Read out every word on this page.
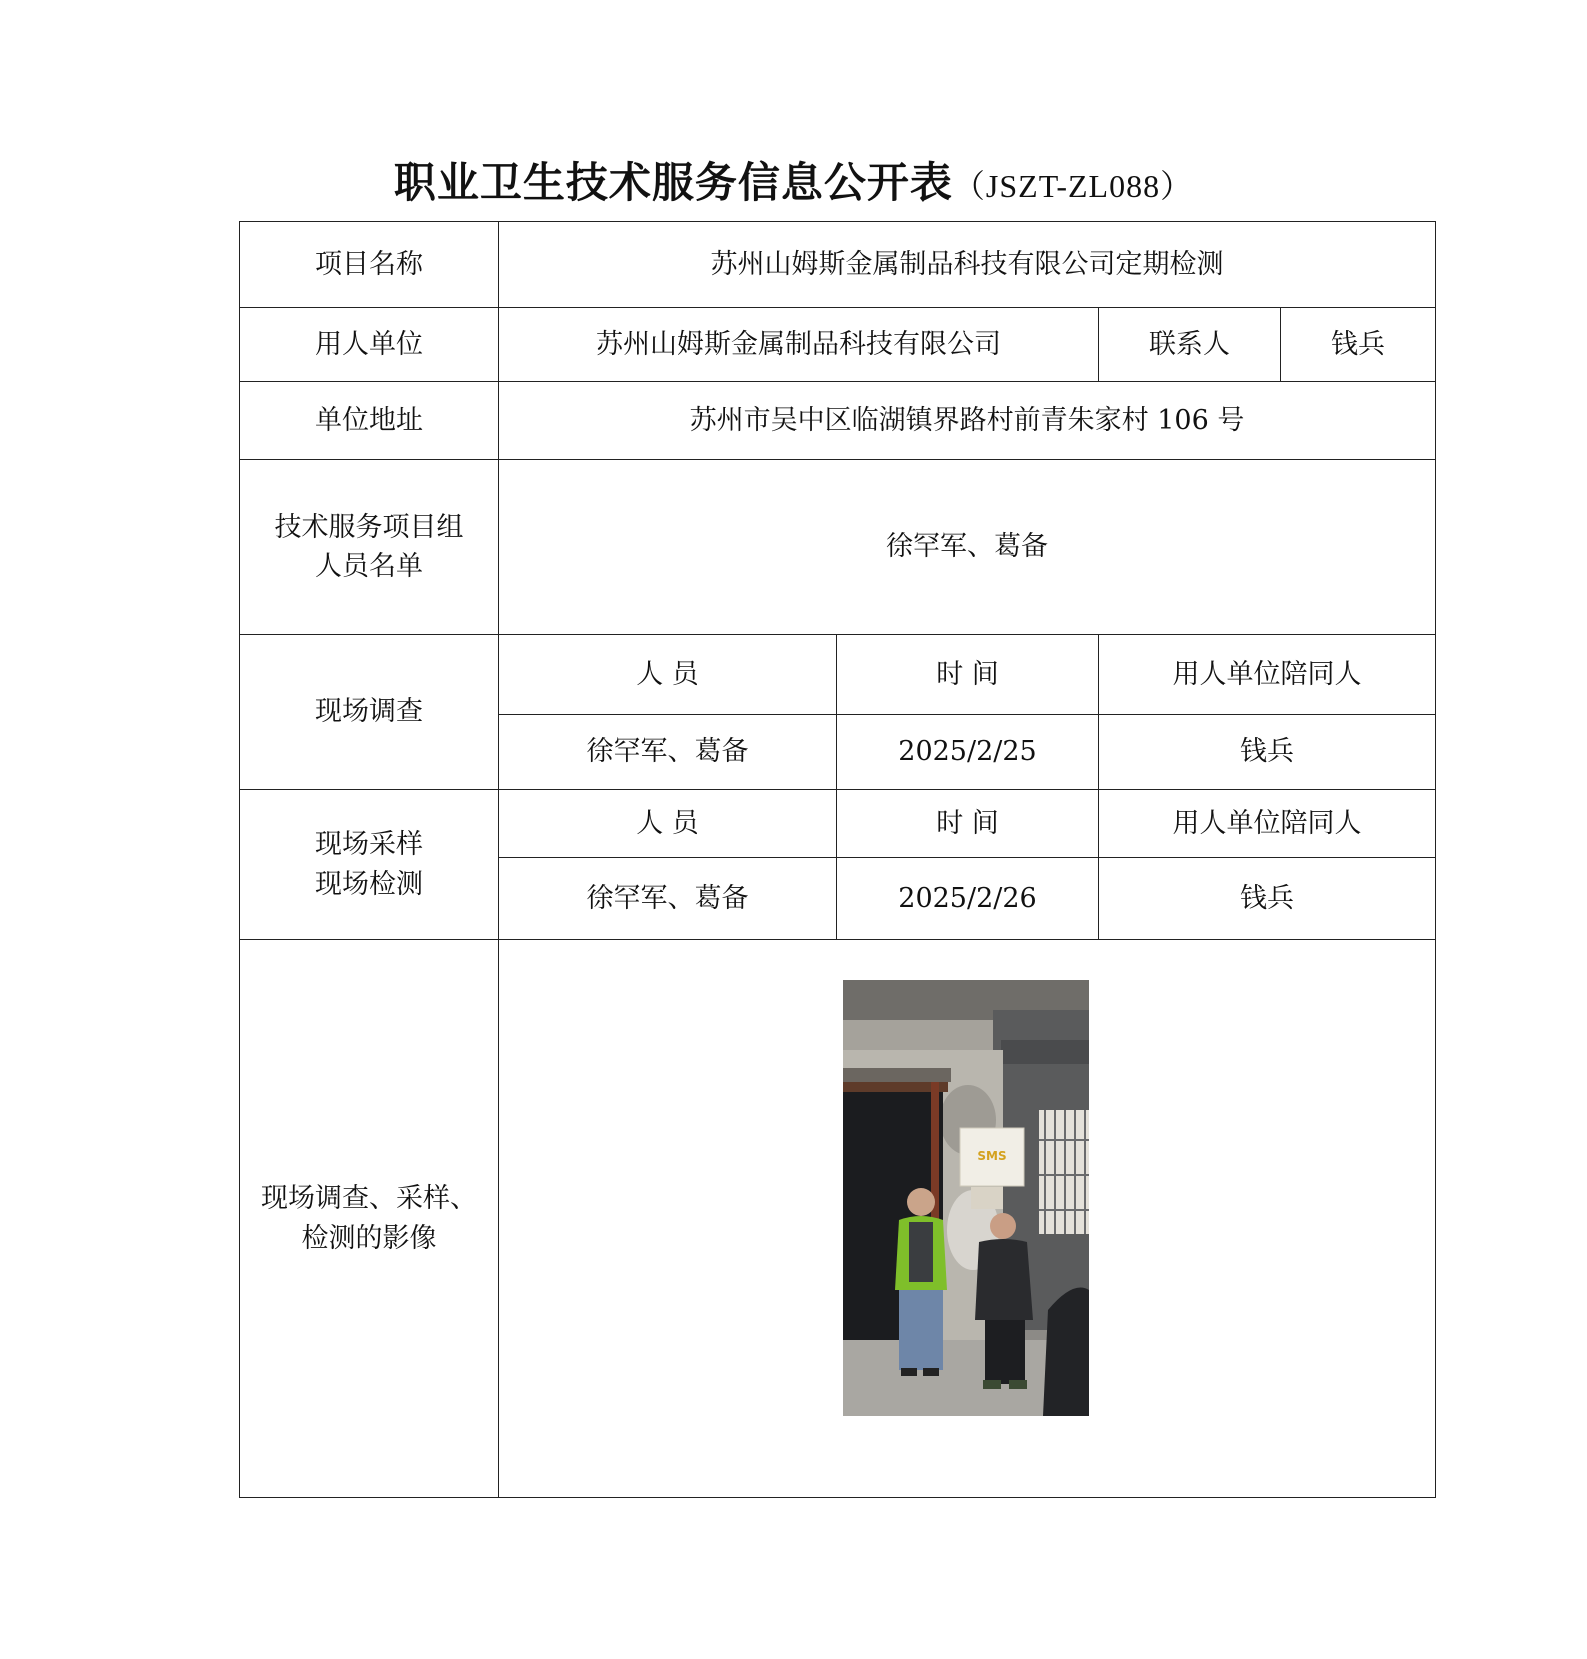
职业卫生技术服务信息公开表（JSZT-ZL088）
项目名称	苏州山姆斯金属制品科技有限公司定期检测			
用人单位	苏州山姆斯金属制品科技有限公司		联系人	钱兵
单位地址	苏州市吴中区临湖镇界路村前青朱家村 106 号			

技术服务项目组
人员名单	徐罕军、葛备			
现场调查	人 员	时 间	用人单位陪同人	
	徐罕军、葛备	2025/2/25	钱兵	

现场采样
现场检测	人 员	时 间	用人单位陪同人	
	徐罕军、葛备	2025/2/26	钱兵	

现场调查、采样、
检测的影像	SMS			
